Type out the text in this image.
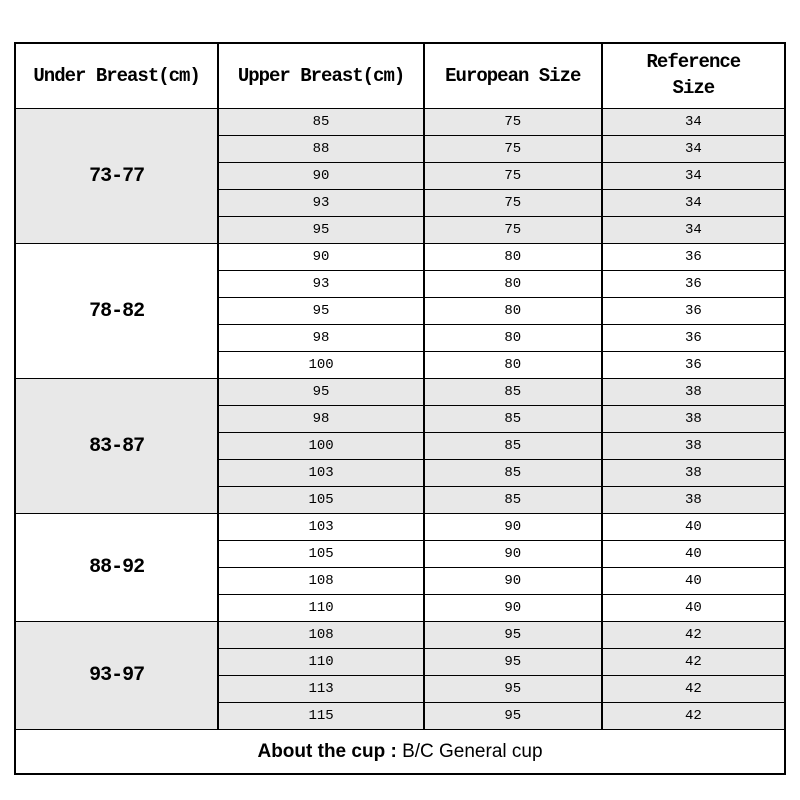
Under Breast(cm)	Upper Breast(cm)	European Size	Reference Size
73-77	85	75	34
	88	75	34
	90	75	34
	93	75	34
	95	75	34
78-82	90	80	36
	93	80	36
	95	80	36
	98	80	36
	100	80	36
83-87	95	85	38
	98	85	38
	100	85	38
	103	85	38
	105	85	38
88-92	103	90	40
	105	90	40
	108	90	40
	110	90	40
93-97	108	95	42
	110	95	42
	113	95	42
	115	95	42
About the cup : B/C General cup			
